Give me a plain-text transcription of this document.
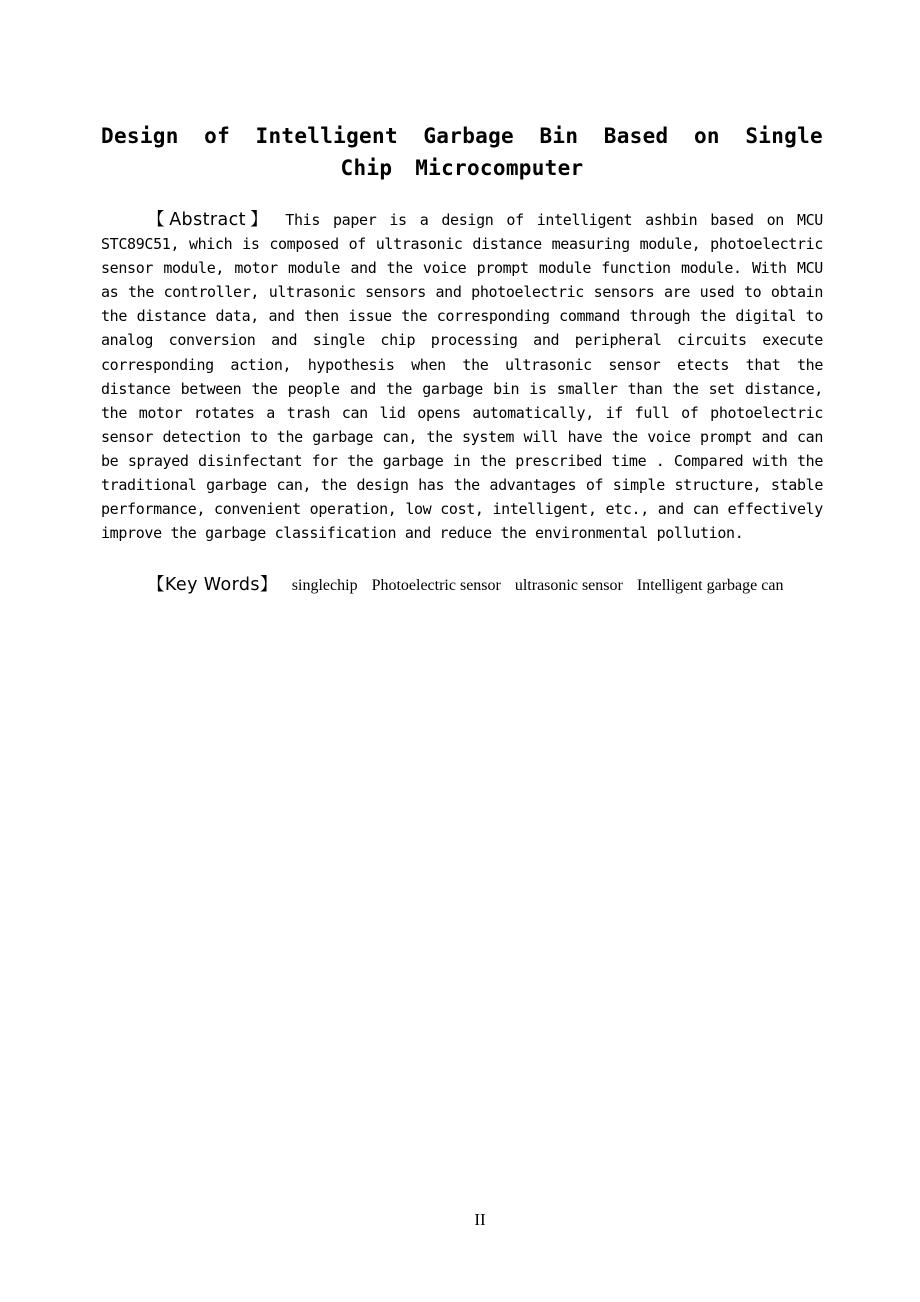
Design of Intelligent Garbage Bin Based on Single Chip Microcomputer

【Abstract】 This paper is a design of intelligent ashbin based on MCU STC89C51, which is composed of ultrasonic distance measuring module, photoelectric sensor module, motor module and the voice prompt module function module. With MCU as the controller, ultrasonic sensors and photoelectric sensors are used to obtain the distance data, and then issue the corresponding command through the digital to analog conversion and single chip processing and peripheral circuits execute corresponding action, hypothesis when the ultrasonic sensor etects that the distance between the people and the garbage bin is smaller than the set distance, the motor rotates a trash can lid opens automatically, if full of photoelectric sensor detection to the garbage can, the system will have the voice prompt and can be sprayed disinfectant for the garbage in the prescribed time . Compared with the traditional garbage can, the design has the advantages of simple structure, stable performance, convenient operation, low cost, intelligent, etc., and can effectively improve the garbage classification and reduce the environmental pollution.

【Key Words】 singlechip Photoelectric sensor ultrasonic sensor Intelligent garbage can

II
